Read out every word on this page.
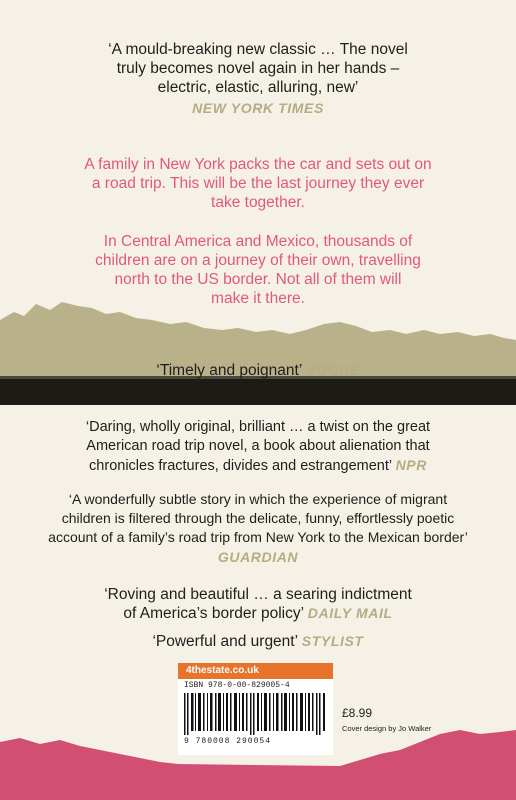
‘A mould-breaking new classic … The novel
truly becomes novel again in her hands –
electric, elastic, alluring, new’
NEW YORK TIMES
A family in New York packs the car and sets out on
a road trip. This will be the last journey they ever
take together.
In Central America and Mexico, thousands of
children are on a journey of their own, travelling
north to the US border. Not all of them will
make it there.
‘Timely and poignant’ VOGUE
‘Daring, wholly original, brilliant … a twist on the great
American road trip novel, a book about alienation that
chronicles fractures, divides and estrangement’ NPR
‘A wonderfully subtle story in which the experience of migrant
children is filtered through the delicate, funny, effortlessly poetic
account of a family’s road trip from New York to the Mexican border’
GUARDIAN
‘Roving and beautiful … a searing indictment
of America’s border policy’ DAILY MAIL
‘Powerful and urgent’ STYLIST
4thestate.co.uk
ISBN 978-0-00-829005-4
9 780008 290054
£8.99
Cover design by Jo Walker
